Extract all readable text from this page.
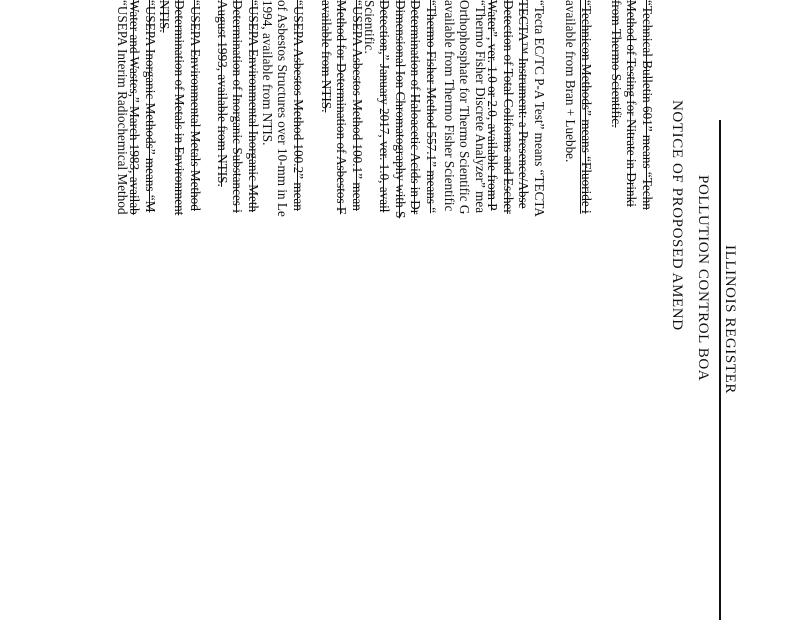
ILLINOIS REGISTER
POLLUTION CONTROL BOA
NOTICE OF PROPOSED AMEND
“Technical Bulletin 601” means “Techn
Method of Testing for Nitrate in Drinki
from Thermo Scientific.
“Technicon Methods” means “Fluoride i
available from Bran + Luebbe.
“Tecta EC/TC P-A Test” means “TECTA
TECTA™ Instrument: a Presence/Abse
Detection of Total Coliforms and Escher
Water”, ver. 1.0 or 2.0, available from P
“Thermo Fisher Discrete Analyzer” mea
Orthophosphate for Thermo Scientific G
available from Thermo Fisher Scientific
“Thermo Fisher Method 557.1” means “
Determination of Haloacetic Acids in Dr
Dimensional Ion Chromatography with S
Detection,” January 2017, ver. 1.0, avail
Scientific.
“USEPA Asbestos Method 100.1” mean
Method for Determination of Asbestos F
available from NTIS.
“USEPA Asbestos Method 100.2” mean
of Asbestos Structures over 10-mm in Le
1994, available from NTIS.
“USEPA Environmental Inorganic Meth
Determination of Inorganic Substances i
August 1993, available from NTIS.
“USEPA Environmental Metals Method
Determination of Metals in Environment
NTIS.
“USEPA Inorganic Methods” means “M
Water and Wastes,” March 1983, availab
“USEPA Interim Radiochemical Method
